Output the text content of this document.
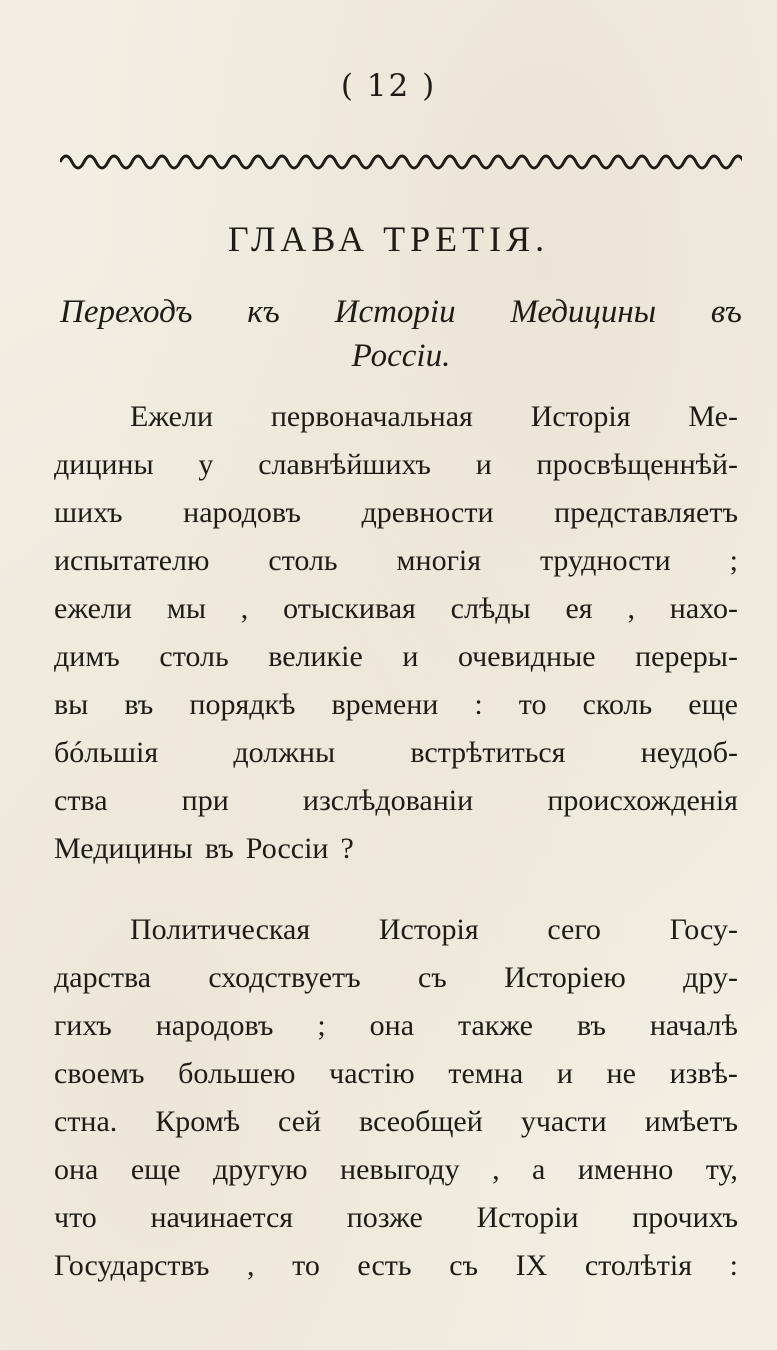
( 12 )
ГЛАВА ТРЕТІЯ.
Переходъ къ Исторіи Медицины въ
Россіи.
Ежели первоначальная Исторія Ме-
дицины у славнѣйшихъ и просвѣщеннѣй-
шихъ народовъ древности представляетъ
испытателю столь многія трудности ;
ежели мы , отыскивая слѣды ея , нахо-
димъ столь великіе и очевидные переры-
вы въ порядкѣ времени : то сколь еще
бóльшія	должны	встрѣтиться	неудоб-
ства при изслѣдованіи происхожденія
Медицины въ Россіи ?
Политическая Исторія сего Госу-
дарства сходствуетъ съ Исторіею дру-
гихъ народовъ ; она также въ началѣ
своемъ большею частію темна и не извѣ-
стна. Кромѣ сей всеобщей участи имѣетъ
она еще другую невыгоду , а именно ту,
что начинается позже Исторіи прочихъ
Государствъ , то есть съ IX столѣтія :
